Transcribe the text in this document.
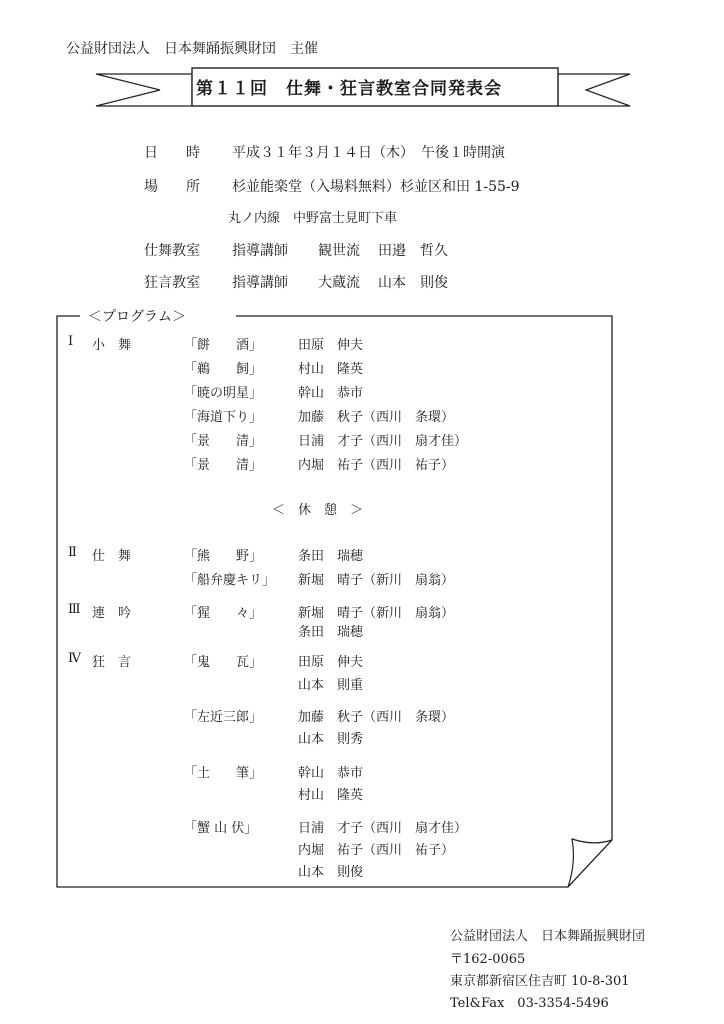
公益財団法人　日本舞踊振興財団　主催
第１１回　仕舞・狂言教室合同発表会
日　　時 平成３１年３月１４日（木）　午後１時開演
場　　所 杉並能楽堂（入場料無料）杉並区和田 1-55-9
丸ノ内線　中野富士見町下車
仕舞教室 指導講師 観世流 田邉　哲久
狂言教室 指導講師 大蔵流 山本　則俊
＜プログラム＞
Ⅰ 小　舞	「餅　　酒」	田原　伸夫
「鵜　　飼」	村山　隆英
「暁の明星」	幹山　恭市
「海道下り」	加藤　秋子（西川　条環）
「景　　清」	日浦　才子（西川　扇才佳）
「景　　清」	内堀　祐子（西川　祐子）
＜　休　憩　＞
Ⅱ 仕　舞	「熊　　野」	条田　瑞穂
「船弁慶キリ」 新堀　晴子（新川　扇翁）
Ⅲ 連　吟	「猩　　々」	新堀　晴子（新川　扇翁）
条田　瑞穂
Ⅳ 狂　言	「鬼　　瓦」	田原　伸夫
山本　則重
「左近三郎」	加藤　秋子（西川　条環）
山本　則秀
「土　　筆」	幹山　恭市
村山　隆英
「蟹 山 伏」	日浦　才子（西川　扇才佳）
内堀　祐子（西川　祐子）
山本　則俊
公益財団法人　日本舞踊振興財団
〒162-0065
東京都新宿区住吉町 10-8-301
Tel&Fax　03-3354-5496
